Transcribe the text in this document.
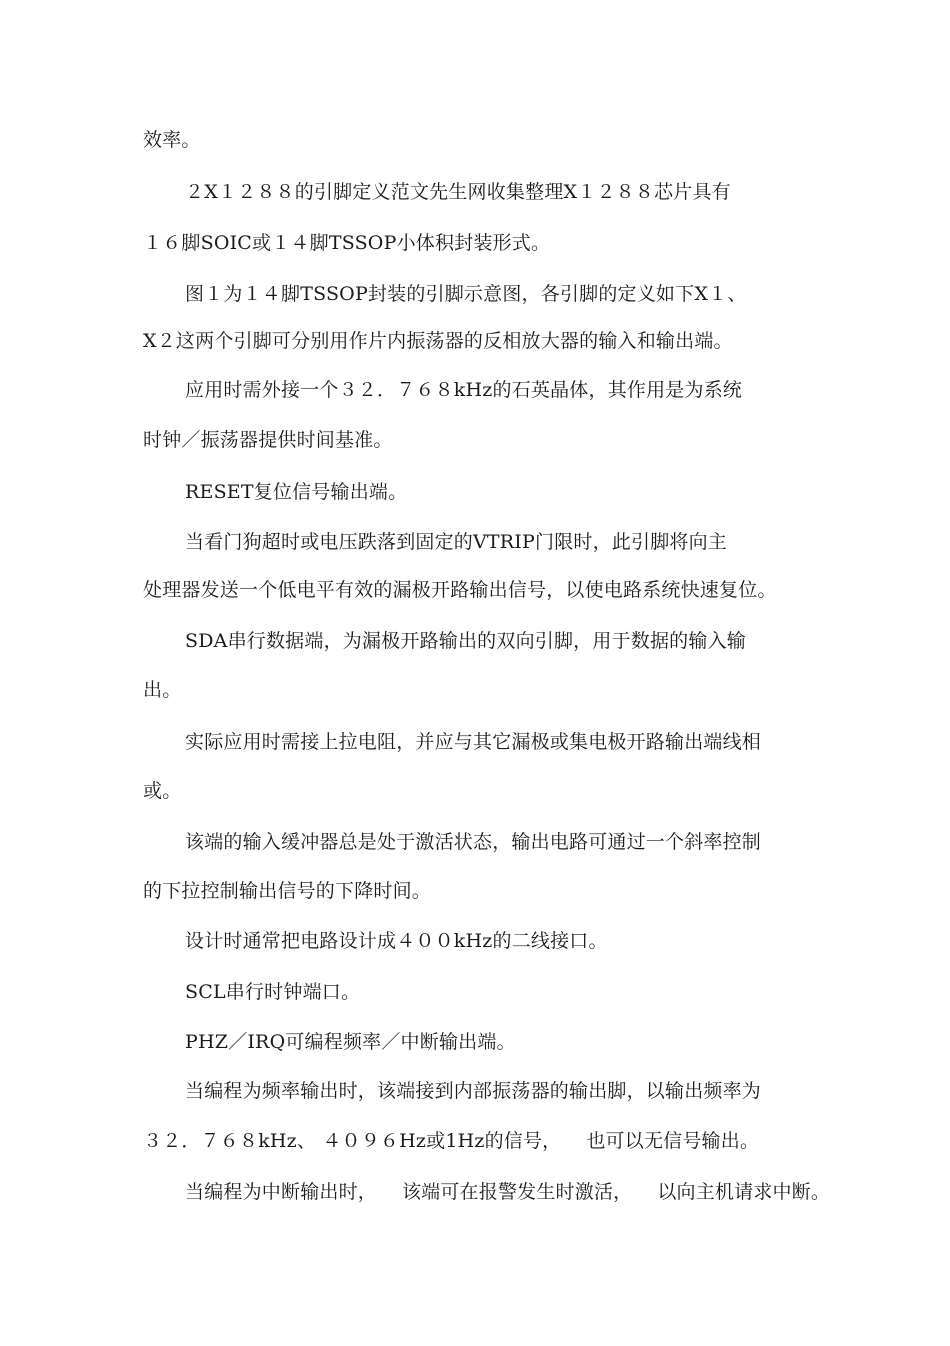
效率。
２X１２８８的引脚定义范文先生网收集整理X１２８８芯片具有
１６脚SOIC或１４脚TSSOP小体积封装形式。
图１为１４脚TSSOP封装的引脚示意图，各引脚的定义如下X１、
X２这两个引脚可分别用作片内振荡器的反相放大器的输入和输出端。
应用时需外接一个３２．７６８kHz的石英晶体，其作用是为系统
时钟／振荡器提供时间基准。
RESET复位信号输出端。
当看门狗超时或电压跌落到固定的VTRIP门限时，此引脚将向主
处理器发送一个低电平有效的漏极开路输出信号，以使电路系统快速复位。
SDA串行数据端，为漏极开路输出的双向引脚，用于数据的输入输
出。
实际应用时需接上拉电阻，并应与其它漏极或集电极开路输出端线相
或。
该端的输入缓冲器总是处于激活状态，输出电路可通过一个斜率控制
的下拉控制输出信号的下降时间。
设计时通常把电路设计成４００kHz的二线接口。
SCL串行时钟端口。
PHZ／IRQ可编程频率／中断输出端。
当编程为频率输出时，该端接到内部振荡器的输出脚，以输出频率为
３２．７６８kHz、 ４０９６Hz或1Hz的信号，    也可以无信号输出。
当编程为中断输出时，    该端可在报警发生时激活，    以向主机请求中断。
